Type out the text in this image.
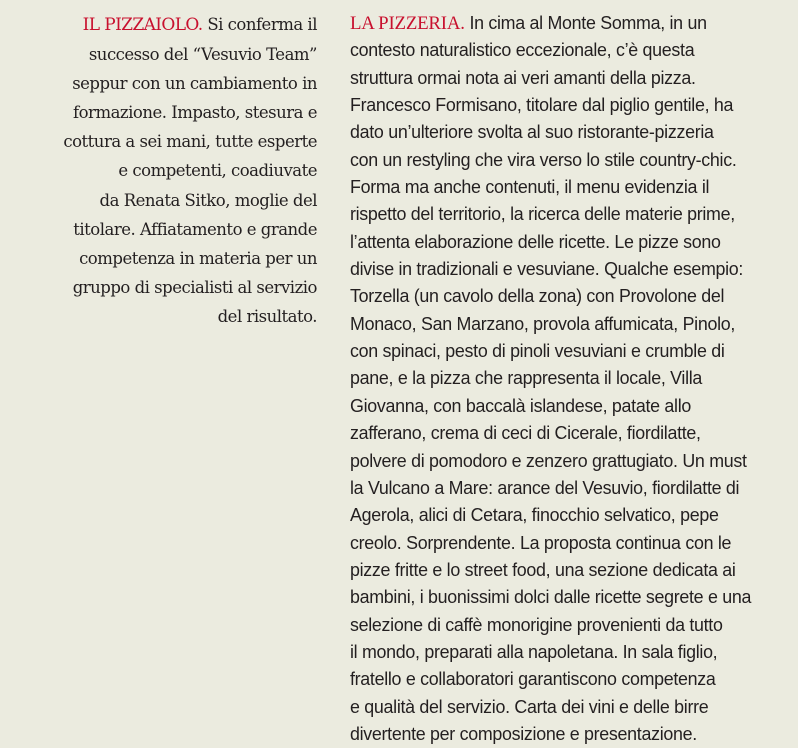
IL PIZZAIOLO. Si conferma il
successo del “Vesuvio Team”
seppur con un cambiamento in
formazione. Impasto, stesura e
cottura a sei mani, tutte esperte
e competenti, coadiuvate
da Renata Sitko, moglie del
titolare. Affiatamento e grande
competenza in materia per un
gruppo di specialisti al servizio
del risultato.
LA PIZZERIA. In cima al Monte Somma, in un
contesto naturalistico eccezionale, c’è questa
struttura ormai nota ai veri amanti della pizza.
Francesco Formisano, titolare dal piglio gentile, ha
dato un’ulteriore svolta al suo ristorante-pizzeria
con un restyling che vira verso lo stile country-chic.
Forma ma anche contenuti, il menu evidenzia il
rispetto del territorio, la ricerca delle materie prime,
l’attenta elaborazione delle ricette. Le pizze sono
divise in tradizionali e vesuviane. Qualche esempio:
Torzella (un cavolo della zona) con Provolone del
Monaco, San Marzano, provola affumicata, Pinolo,
con spinaci, pesto di pinoli vesuviani e crumble di
pane, e la pizza che rappresenta il locale, Villa
Giovanna, con baccalà islandese, patate allo
zafferano, crema di ceci di Cicerale, fiordilatte,
polvere di pomodoro e zenzero grattugiato. Un must
la Vulcano a Mare: arance del Vesuvio, fiordilatte di
Agerola, alici di Cetara, finocchio selvatico, pepe
creolo. Sorprendente. La proposta continua con le
pizze fritte e lo street food, una sezione dedicata ai
bambini, i buonissimi dolci dalle ricette segrete e una
selezione di caffè monorigine provenienti da tutto
il mondo, preparati alla napoletana. In sala figlio,
fratello e collaboratori garantiscono competenza
e qualità del servizio. Carta dei vini e delle birre
divertente per composizione e presentazione.
